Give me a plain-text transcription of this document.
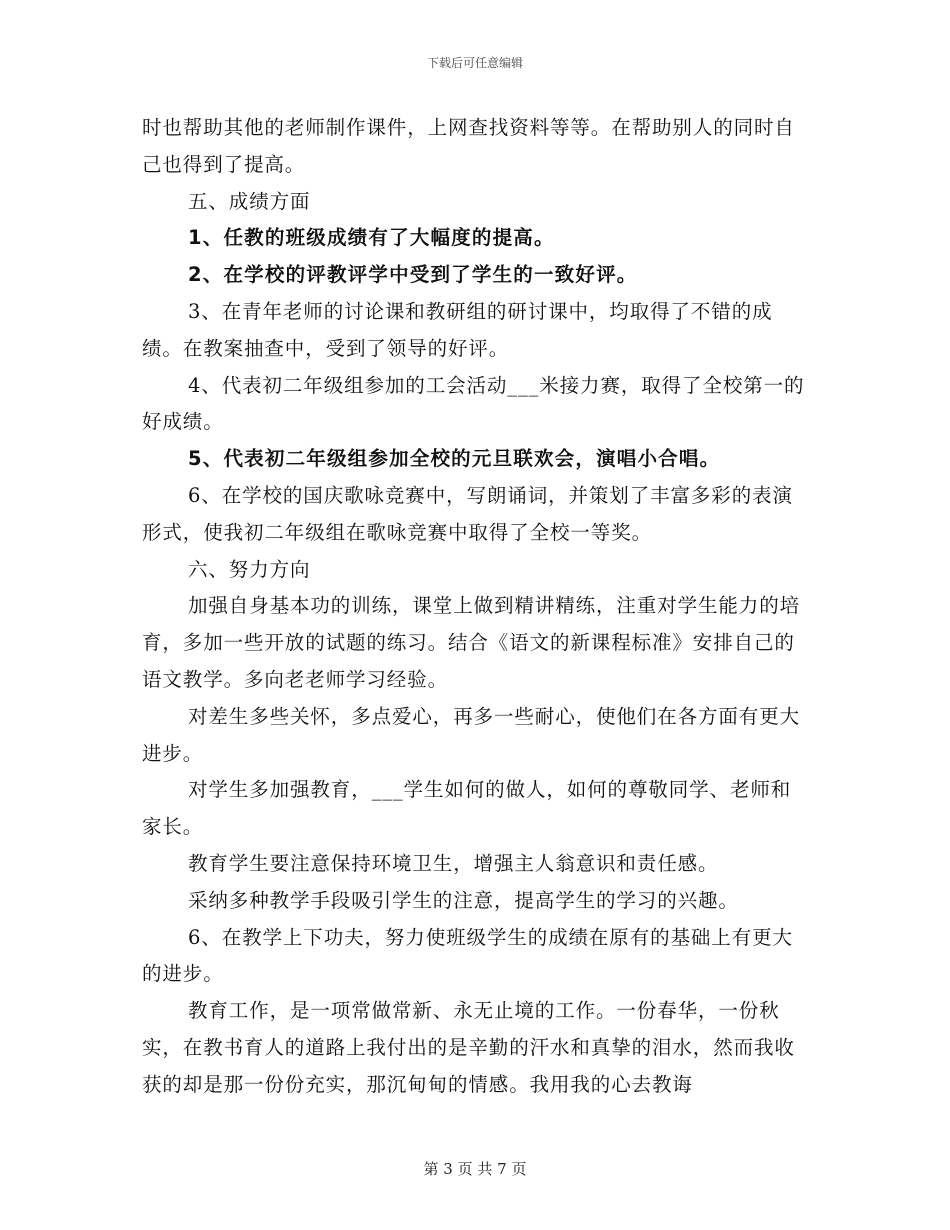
下载后可任意编辑

时也帮助其他的老师制作课件，上网查找资料等等。在帮助别人的同时自己也得到了提高。

五、成绩方面

1、任教的班级成绩有了大幅度的提高。

2、在学校的评教评学中受到了学生的一致好评。

3、在青年老师的讨论课和教研组的研讨课中，均取得了不错的成绩。在教案抽查中，受到了领导的好评。

4、代表初二年级组参加的工会活动___米接力赛，取得了全校第一的好成绩。

5、代表初二年级组参加全校的元旦联欢会，演唱小合唱。

6、在学校的国庆歌咏竞赛中，写朗诵词，并策划了丰富多彩的表演形式，使我初二年级组在歌咏竞赛中取得了全校一等奖。

六、努力方向

加强自身基本功的训练，课堂上做到精讲精练，注重对学生能力的培育，多加一些开放的试题的练习。结合《语文的新课程标准》安排自己的语文教学。多向老老师学习经验。

对差生多些关怀，多点爱心，再多一些耐心，使他们在各方面有更大进步。

对学生多加强教育，___学生如何的做人，如何的尊敬同学、老师和家长。

教育学生要注意保持环境卫生，增强主人翁意识和责任感。

采纳多种教学手段吸引学生的注意，提高学生的学习的兴趣。

6、在教学上下功夫，努力使班级学生的成绩在原有的基础上有更大的进步。

教育工作，是一项常做常新、永无止境的工作。一份春华，一份秋实，在教书育人的道路上我付出的是辛勤的汗水和真挚的泪水，然而我收获的却是那一份份充实，那沉甸甸的情感。我用我的心去教诲

第 3 页 共 7 页
